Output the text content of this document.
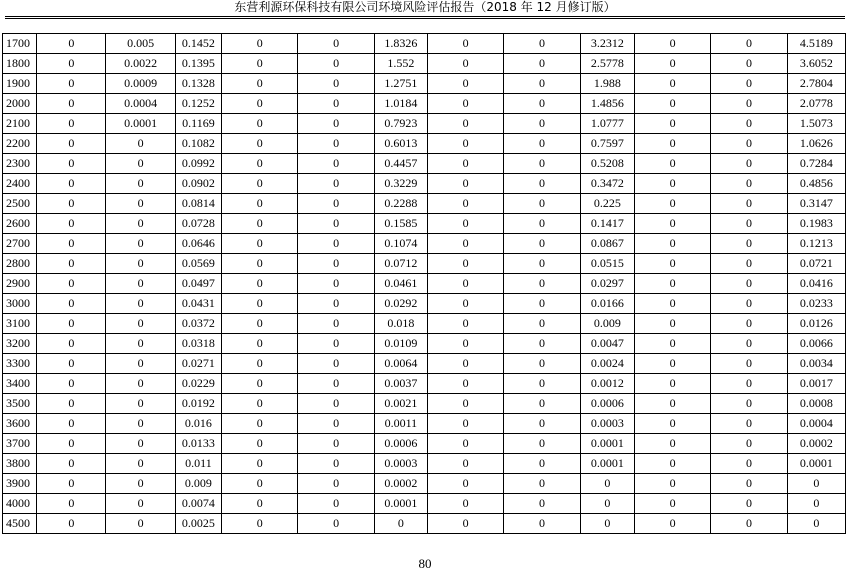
东营利源环保科技有限公司环境风险评估报告（2018 年 12 月修订版）
1700	0	0.005	0.1452	0	0	1.8326	0	0	3.2312	0	0	4.5189
1800	0	0.0022	0.1395	0	0	1.552	0	0	2.5778	0	0	3.6052
1900	0	0.0009	0.1328	0	0	1.2751	0	0	1.988	0	0	2.7804
2000	0	0.0004	0.1252	0	0	1.0184	0	0	1.4856	0	0	2.0778
2100	0	0.0001	0.1169	0	0	0.7923	0	0	1.0777	0	0	1.5073
2200	0	0	0.1082	0	0	0.6013	0	0	0.7597	0	0	1.0626
2300	0	0	0.0992	0	0	0.4457	0	0	0.5208	0	0	0.7284
2400	0	0	0.0902	0	0	0.3229	0	0	0.3472	0	0	0.4856
2500	0	0	0.0814	0	0	0.2288	0	0	0.225	0	0	0.3147
2600	0	0	0.0728	0	0	0.1585	0	0	0.1417	0	0	0.1983
2700	0	0	0.0646	0	0	0.1074	0	0	0.0867	0	0	0.1213
2800	0	0	0.0569	0	0	0.0712	0	0	0.0515	0	0	0.0721
2900	0	0	0.0497	0	0	0.0461	0	0	0.0297	0	0	0.0416
3000	0	0	0.0431	0	0	0.0292	0	0	0.0166	0	0	0.0233
3100	0	0	0.0372	0	0	0.018	0	0	0.009	0	0	0.0126
3200	0	0	0.0318	0	0	0.0109	0	0	0.0047	0	0	0.0066
3300	0	0	0.0271	0	0	0.0064	0	0	0.0024	0	0	0.0034
3400	0	0	0.0229	0	0	0.0037	0	0	0.0012	0	0	0.0017
3500	0	0	0.0192	0	0	0.0021	0	0	0.0006	0	0	0.0008
3600	0	0	0.016	0	0	0.0011	0	0	0.0003	0	0	0.0004
3700	0	0	0.0133	0	0	0.0006	0	0	0.0001	0	0	0.0002
3800	0	0	0.011	0	0	0.0003	0	0	0.0001	0	0	0.0001
3900	0	0	0.009	0	0	0.0002	0	0	0	0	0	0
4000	0	0	0.0074	0	0	0.0001	0	0	0	0	0	0
4500	0	0	0.0025	0	0	0	0	0	0	0	0	0
80
